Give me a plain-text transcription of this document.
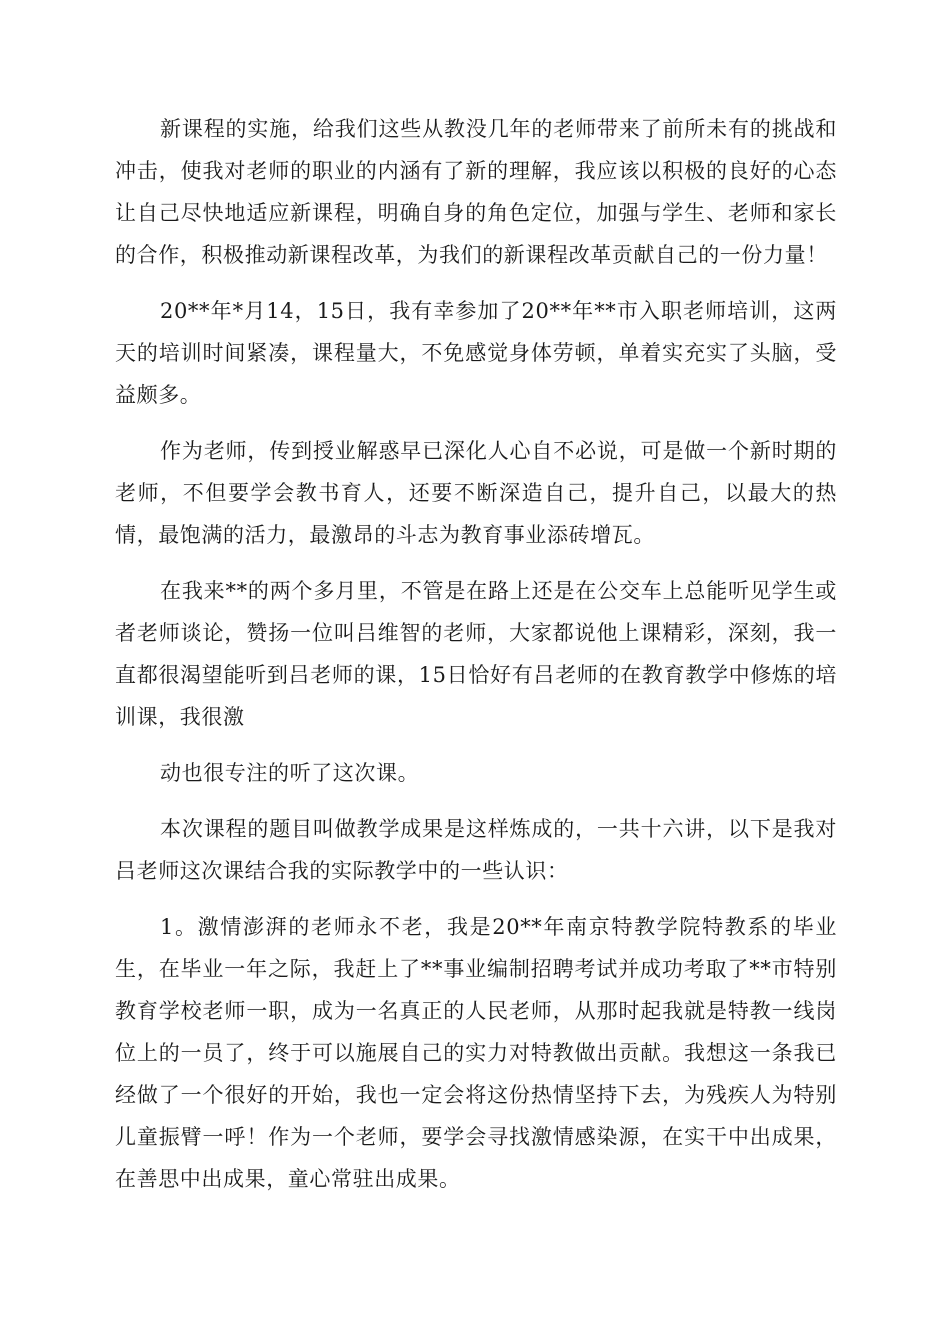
新课程的实施，给我们这些从教没几年的老师带来了前所未有的挑战和冲击，使我对老师的职业的内涵有了新的理解，我应该以积极的良好的心态让自己尽快地适应新课程，明确自身的角色定位，加强与学生、老师和家长的合作，积极推动新课程改革，为我们的新课程改革贡献自己的一份力量！

20**年*月14，15日，我有幸参加了20**年**市入职老师培训，这两天的培训时间紧凑，课程量大，不免感觉身体劳顿，单着实充实了头脑，受益颇多。

作为老师，传到授业解惑早已深化人心自不必说，可是做一个新时期的老师，不但要学会教书育人，还要不断深造自己，提升自己，以最大的热情，最饱满的活力，最激昂的斗志为教育事业添砖增瓦。

在我来**的两个多月里，不管是在路上还是在公交车上总能听见学生或者老师谈论，赞扬一位叫吕维智的老师，大家都说他上课精彩，深刻，我一直都很渴望能听到吕老师的课，15日恰好有吕老师的在教育教学中修炼的培训课，我很激

动也很专注的听了这次课。

本次课程的题目叫做教学成果是这样炼成的，一共十六讲，以下是我对吕老师这次课结合我的实际教学中的一些认识：

1。激情澎湃的老师永不老，我是20**年南京特教学院特教系的毕业生，在毕业一年之际，我赶上了**事业编制招聘考试并成功考取了**市特别教育学校老师一职，成为一名真正的人民老师，从那时起我就是特教一线岗位上的一员了，终于可以施展自己的实力对特教做出贡献。我想这一条我已经做了一个很好的开始，我也一定会将这份热情坚持下去，为残疾人为特别儿童振臂一呼！作为一个老师，要学会寻找激情感染源，在实干中出成果，在善思中出成果，童心常驻出成果。
